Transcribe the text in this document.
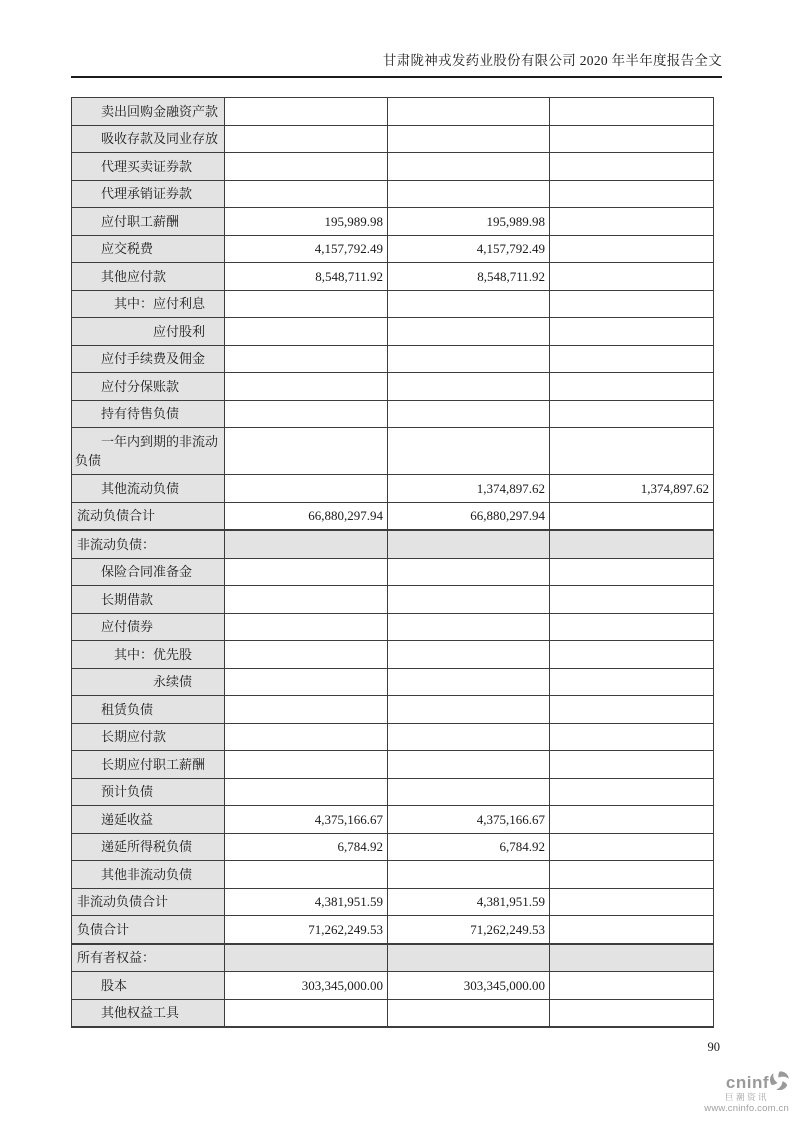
甘肃陇神戎发药业股份有限公司 2020 年半年度报告全文
卖出回购金融资产款			
吸收存款及同业存放			
代理买卖证券款			
代理承销证券款			
应付职工薪酬	195,989.98	195,989.98	
应交税费	4,157,792.49	4,157,792.49	
其他应付款	8,548,711.92	8,548,711.92	
其中：应付利息			
应付股利			
应付手续费及佣金			
应付分保账款			
持有待售负债			
一年内到期的非流动负债			
其他流动负债		1,374,897.62	1,374,897.62
流动负债合计	66,880,297.94	66,880,297.94	
非流动负债：			
保险合同准备金			
长期借款			
应付债券			
其中：优先股			
永续债			
租赁负债			
长期应付款			
长期应付职工薪酬			
预计负债			
递延收益	4,375,166.67	4,375,166.67	
递延所得税负债	6,784.92	6,784.92	
其他非流动负债			
非流动负债合计	4,381,951.59	4,381,951.59	
负债合计	71,262,249.53	71,262,249.53	
所有者权益：			
股本	303,345,000.00	303,345,000.00	
其他权益工具			
90
cninf
巨潮资讯
www.cninfo.com.cn
